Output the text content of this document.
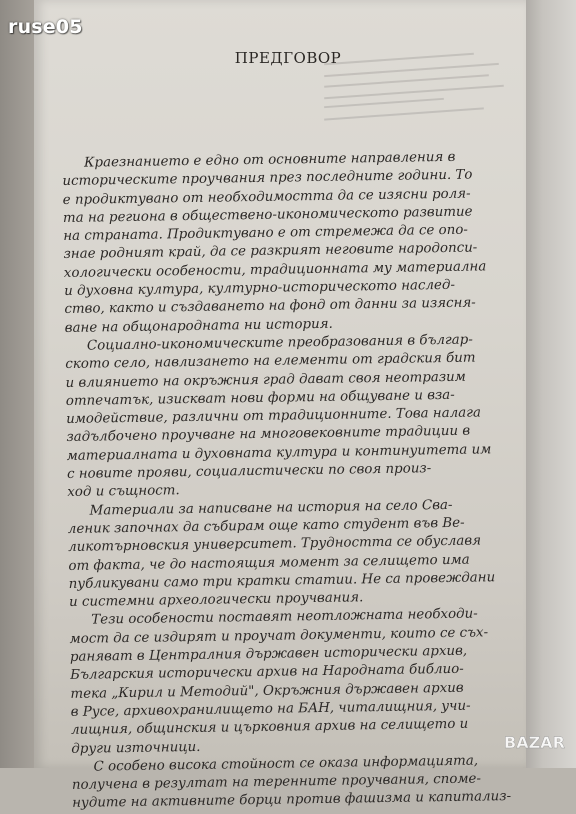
ruse05
ПРЕДГОВОР
Краезнанието е едно от основните направления в
историческите проучвания през последните години. То
е продиктувано от необходимостта да се изясни роля-
та на региона в обществено-икономическото развитие
на страната. Продиктувано е от стремежа да се опо-
знае родният край, да се разкрият неговите народопси-
хологически особености, традиционната му материална
и духовна култура, културно-историческото наслед-
ство, както и създаването на фонд от данни за изясня-
ване на общонародната ни история.
Социално-икономическите преобразования в българ-
ското село, навлизането на елементи от градския бит
и влиянието на окръжния град дават своя неотразим
отпечатък, изискват нови форми на общуване и вза-
имодействие, различни от традиционните. Това налага
задълбочено проучване на многовековните традиции в
материалната и духовната култура и континуитета им
с новите прояви, социалистически по своя произ-
ход и същност.
Материали за написване на история на село Сва-
леник започнах да събирам още като студент във Ве-
ликотърновския университет. Трудността се обуславя
от факта, че до настоящия момент за селището има
публикувани само три кратки статии. Не са провеждани
и системни археологически проучвания.
Тези особености поставят неотложната необходи-
мост да се издирят и проучат документи, които се съх-
раняват в Централния държавен исторически архив,
Българския исторически архив на Народната библио-
тека „Кирил и Методий", Окръжния държавен архив
в Русе, архивохранилището на БАН, читалищния, учи-
лищния, общинския и църковния архив на селището и
други източници.
С особено висока стойност се оказа информацията,
получена в резултат на теренните проучвания, споме-
нудите на активните борци против фашизма и капитализ-
BAZAR
